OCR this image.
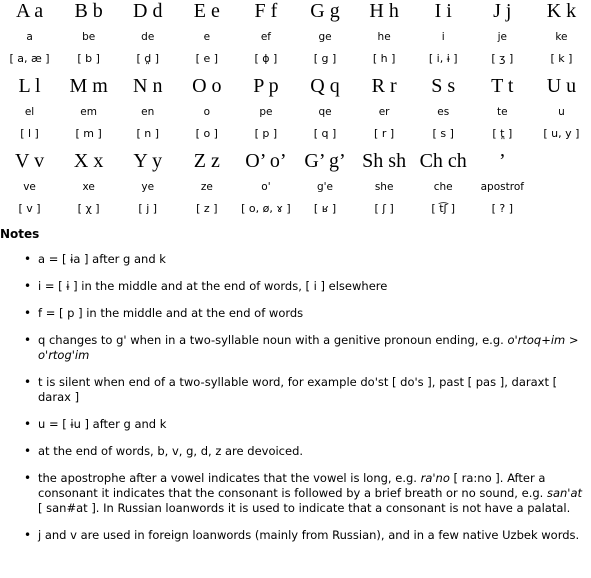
A a	B b	D d	E e	F f	G g	H h	I i	J j	K k
a	be	de	e	ef	ge	he	i	je	ke
[ a, æ ]	[ b ]	[ d̪ ]	[ e ]	[ ɸ ]	[ g ]	[ h ]	[ i, ɨ ]	[ ʒ ]	[ k ]
L l	M m	N n	O o	P p	Q q	R r	S s	T t	U u
el	em	en	o	pe	qe	er	es	te	u
[ l ]	[ m ]	[ n ]	[ o ]	[ p ]	[ q ]	[ r ]	[ s ]	[ t̪ ]	[ u, y ]
V v	X x	Y y	Z z	O’ o’	G’ g’	Sh sh	Ch ch	’	
ve	xe	ye	ze	o'	g'e	she	che	apostrof	
[ v ]	[ χ ]	[ j ]	[ z ]	[ o, ø, ɤ ]	[ ʁ ]	[ ʃ ]	[ t͡ʃ ]	[ ? ]	
Notes
• a = [ ɨa ] after g and k
• i = [ ɨ ] in the middle and at the end of words, [ i ] elsewhere
• f = [ p ] in the middle and at the end of words
• q changes to g' when in a two-syllable noun with a genitive pronoun ending, e.g. o'rtoq+im > o'rtog'im
• t is silent when end of a two-syllable word, for example do'st [ do's ], past [ pas ], daraxt [ darax ]
• u = [ ɨu ] after g and k
• at the end of words, b, v, g, d, z are devoiced.
• the apostrophe after a vowel indicates that the vowel is long, e.g. ra'no [ ra:no ]. After a consonant it indicates that the consonant is followed by a brief breath or no sound, e.g. san'at [ san#at ]. In Russian loanwords it is used to indicate that a consonant is not have a palatal.
• j and v are used in foreign loanwords (mainly from Russian), and in a few native Uzbek words.
